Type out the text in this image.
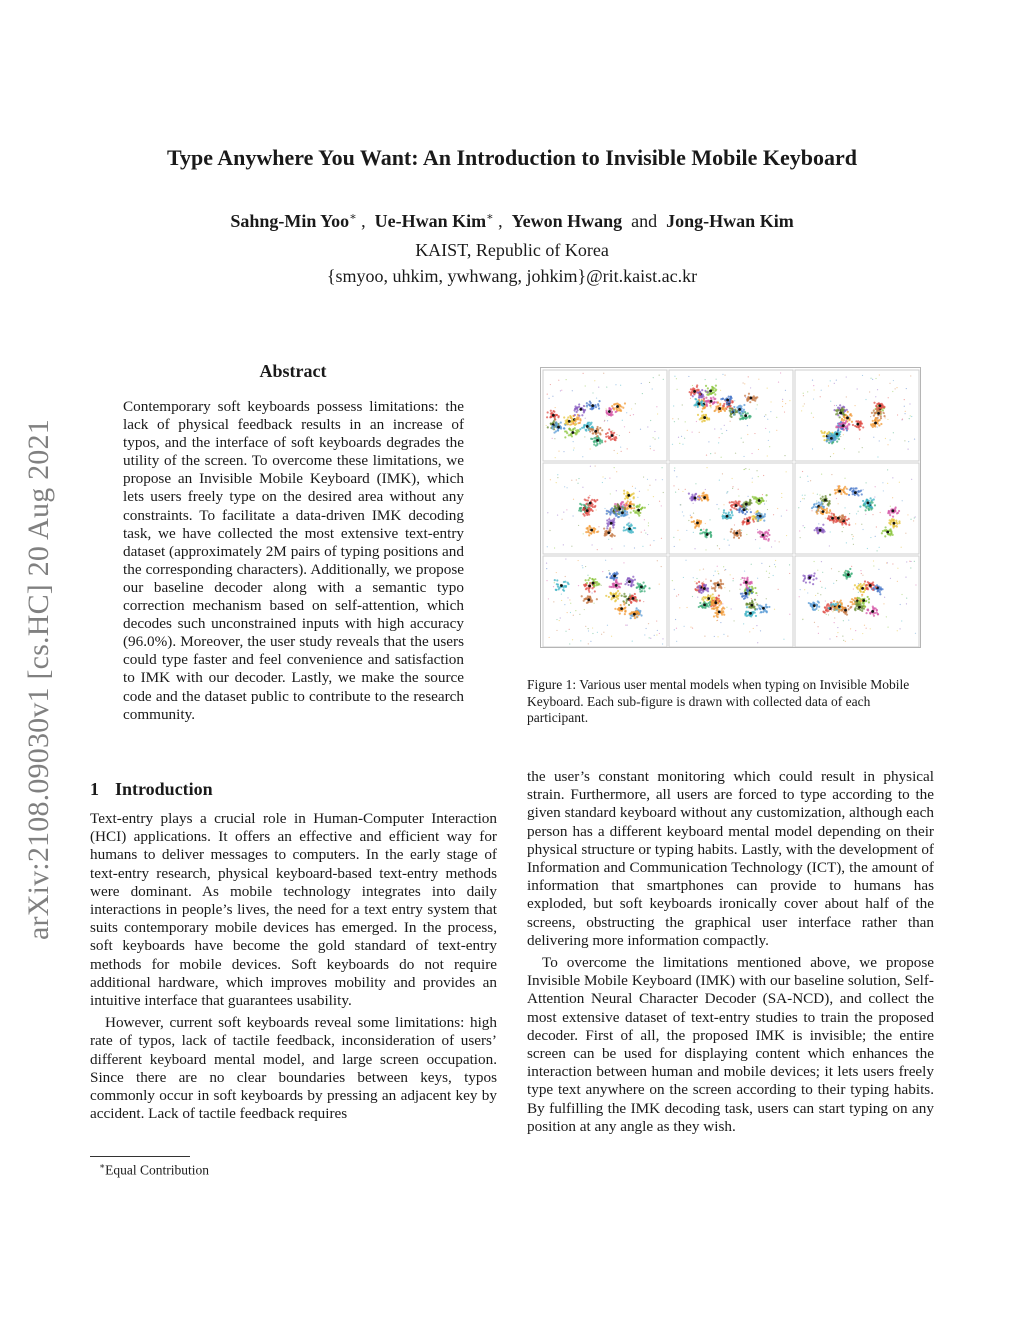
arXiv:2108.09030v1 [cs.HC] 20 Aug 2021
Type Anywhere You Want: An Introduction to Invisible Mobile Keyboard
Sahng-Min Yoo∗ ,  Ue-Hwan Kim∗ ,  Yewon Hwang and Jong-Hwan Kim
KAIST, Republic of Korea
{smyoo, uhkim, ywhwang, johkim}@rit.kaist.ac.kr
Abstract
Contemporary soft keyboards possess limitations: the lack of physical feedback results in an increase of typos, and the interface of soft keyboards degrades the utility of the screen. To overcome these limitations, we propose an Invisible Mobile Keyboard (IMK), which lets users freely type on the desired area without any constraints. To facilitate a data-driven IMK decoding task, we have collected the most extensive text-entry dataset (approximately 2M pairs of typing positions and the corresponding characters). Additionally, we propose our baseline decoder along with a semantic typo correction mechanism based on self-attention, which decodes such unconstrained inputs with high accuracy (96.0%). Moreover, the user study reveals that the users could type faster and feel convenience and satisfaction to IMK with our decoder. Lastly, we make the source code and the dataset public to contribute to the research community.
Figure 1: Various user mental models when typing on Invisible Mobile Keyboard. Each sub-figure is drawn with collected data of each participant.
1 Introduction

Text-entry plays a crucial role in Human-Computer Interaction (HCI) applications. It offers an effective and efficient way for humans to deliver messages to computers. In the early stage of text-entry research, physical keyboard-based text-entry methods were dominant. As mobile technology integrates into daily interactions in people’s lives, the need for a text entry system that suits contemporary mobile devices has emerged. In the process, soft keyboards have become the gold standard of text-entry methods for mobile devices. Soft keyboards do not require additional hardware, which improves mobility and provides an intuitive interface that guarantees usability.

However, current soft keyboards reveal some limitations: high rate of typos, lack of tactile feedback, inconsideration of users’ different keyboard mental model, and large screen occupation. Since there are no clear boundaries between keys, typos commonly occur in soft keyboards by pressing an adjacent key by accident. Lack of tactile feedback requires

the user’s constant monitoring which could result in physical strain. Furthermore, all users are forced to type according to the given standard keyboard without any customization, although each person has a different keyboard mental model depending on their physical structure or typing habits. Lastly, with the development of Information and Communication Technology (ICT), the amount of information that smartphones can provide to humans has exploded, but soft keyboards ironically cover about half of the screens, obstructing the graphical user interface rather than delivering more information compactly.

To overcome the limitations mentioned above, we propose Invisible Mobile Keyboard (IMK) with our baseline solution, Self-Attention Neural Character Decoder (SA-NCD), and collect the most extensive dataset of text-entry studies to train the proposed decoder. First of all, the proposed IMK is invisible; the entire screen can be used for displaying content which enhances the interaction between human and mobile devices; it lets users freely type text anywhere on the screen according to their typing habits. By fulfilling the IMK decoding task, users can start typing on any position at any angle as they wish.

∗Equal Contribution
